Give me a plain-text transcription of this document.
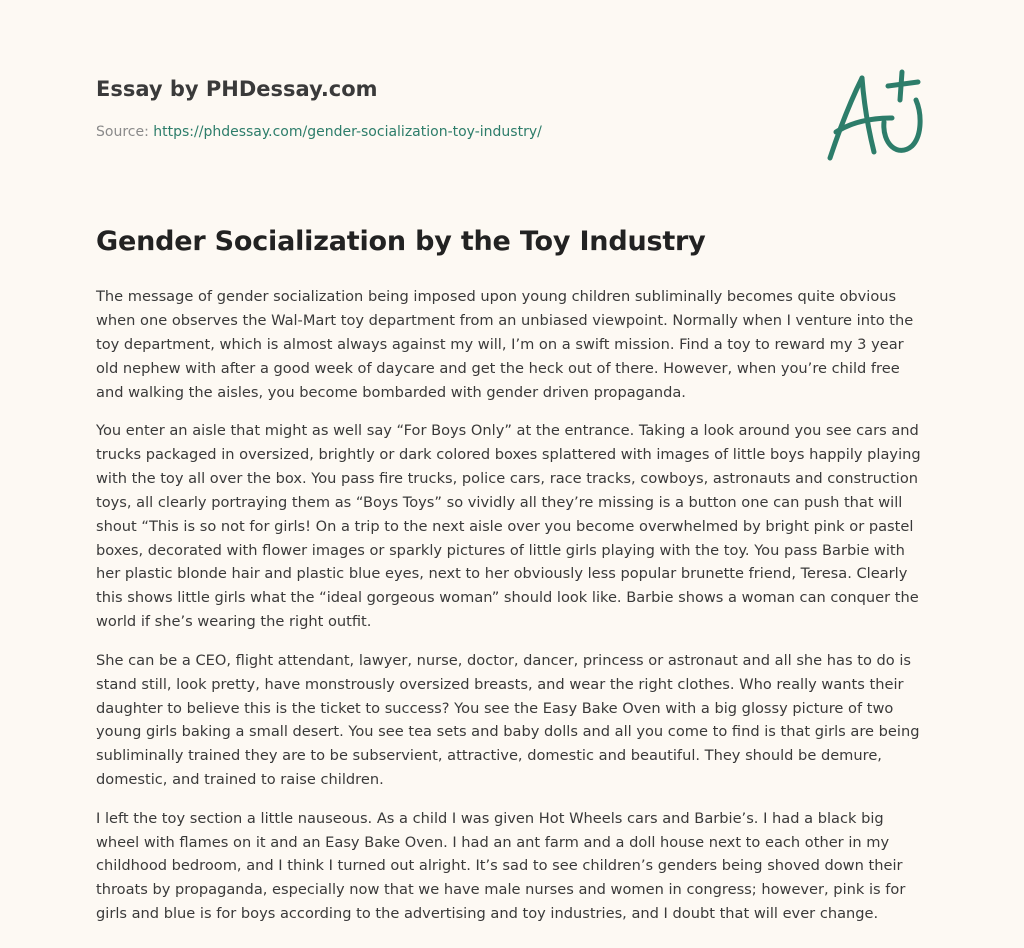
Essay by PHDessay.com

Source: https://phdessay.com/gender-socialization-toy-industry/

Gender Socialization by the Toy Industry

The message of gender socialization being imposed upon young children subliminally becomes quite obvious when one observes the Wal-Mart toy department from an unbiased viewpoint. Normally when I venture into the toy department, which is almost always against my will, I’m on a swift mission. Find a toy to reward my 3 year old nephew with after a good week of daycare and get the heck out of there. However, when you’re child free and walking the aisles, you become bombarded with gender driven propaganda.

You enter an aisle that might as well say “For Boys Only” at the entrance. Taking a look around you see cars and trucks packaged in oversized, brightly or dark colored boxes splattered with images of little boys happily playing with the toy all over the box. You pass fire trucks, police cars, race tracks, cowboys, astronauts and construction toys, all clearly portraying them as “Boys Toys” so vividly all they’re missing is a button one can push that will shout “This is so not for girls! On a trip to the next aisle over you become overwhelmed by bright pink or pastel boxes, decorated with flower images or sparkly pictures of little girls playing with the toy. You pass Barbie with her plastic blonde hair and plastic blue eyes, next to her obviously less popular brunette friend, Teresa. Clearly this shows little girls what the “ideal gorgeous woman” should look like. Barbie shows a woman can conquer the world if she’s wearing the right outfit.

She can be a CEO, flight attendant, lawyer, nurse, doctor, dancer, princess or astronaut and all she has to do is stand still, look pretty, have monstrously oversized breasts, and wear the right clothes. Who really wants their daughter to believe this is the ticket to success? You see the Easy Bake Oven with a big glossy picture of two young girls baking a small desert. You see tea sets and baby dolls and all you come to find is that girls are being subliminally trained they are to be subservient, attractive, domestic and beautiful. They should be demure, domestic, and trained to raise children.

I left the toy section a little nauseous. As a child I was given Hot Wheels cars and Barbie’s. I had a black big wheel with flames on it and an Easy Bake Oven. I had an ant farm and a doll house next to each other in my childhood bedroom, and I think I turned out alright. It’s sad to see children’s genders being shoved down their throats by propaganda, especially now that we have male nurses and women in congress; however, pink is for girls and blue is for boys according to the advertising and toy industries, and I doubt that will ever change.
